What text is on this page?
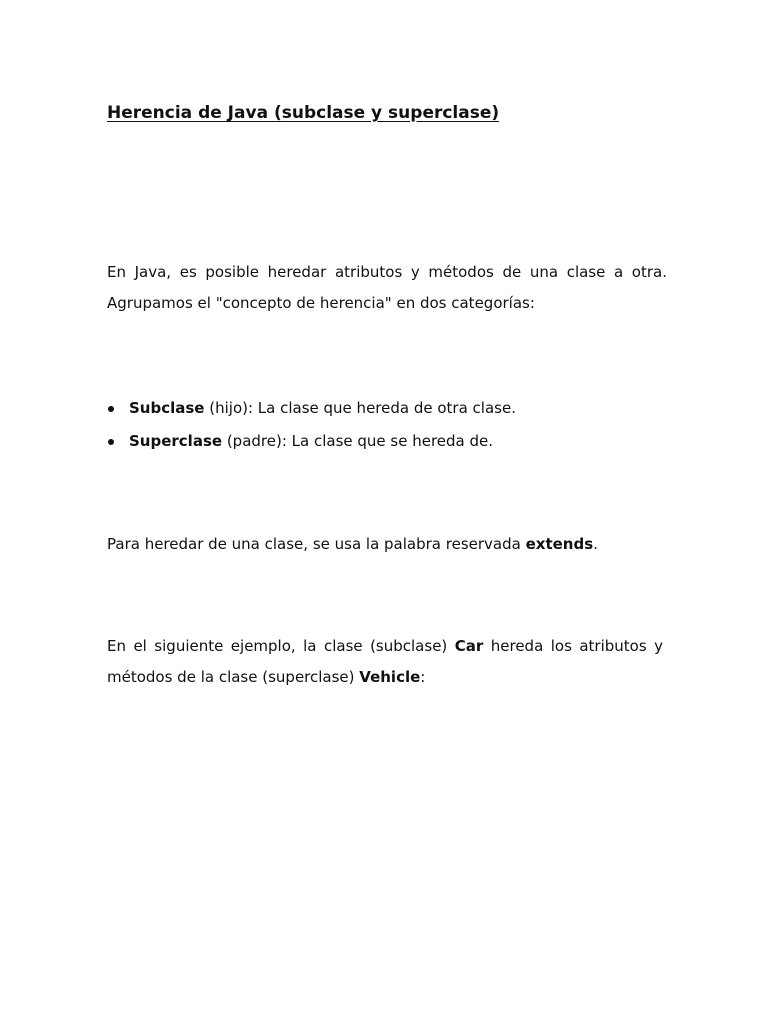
Herencia de Java (subclase y superclase)

En Java, es posible heredar atributos y métodos de una clase a otra.
Agrupamos el "concepto de herencia" en dos categorías:

Subclase (hijo): La clase que hereda de otra clase.
Superclase (padre): La clase que se hereda de.

Para heredar de una clase, se usa la palabra reservada extends.

En el siguiente ejemplo, la clase (subclase) Car hereda los atributos y
métodos de la clase (superclase) Vehicle:
